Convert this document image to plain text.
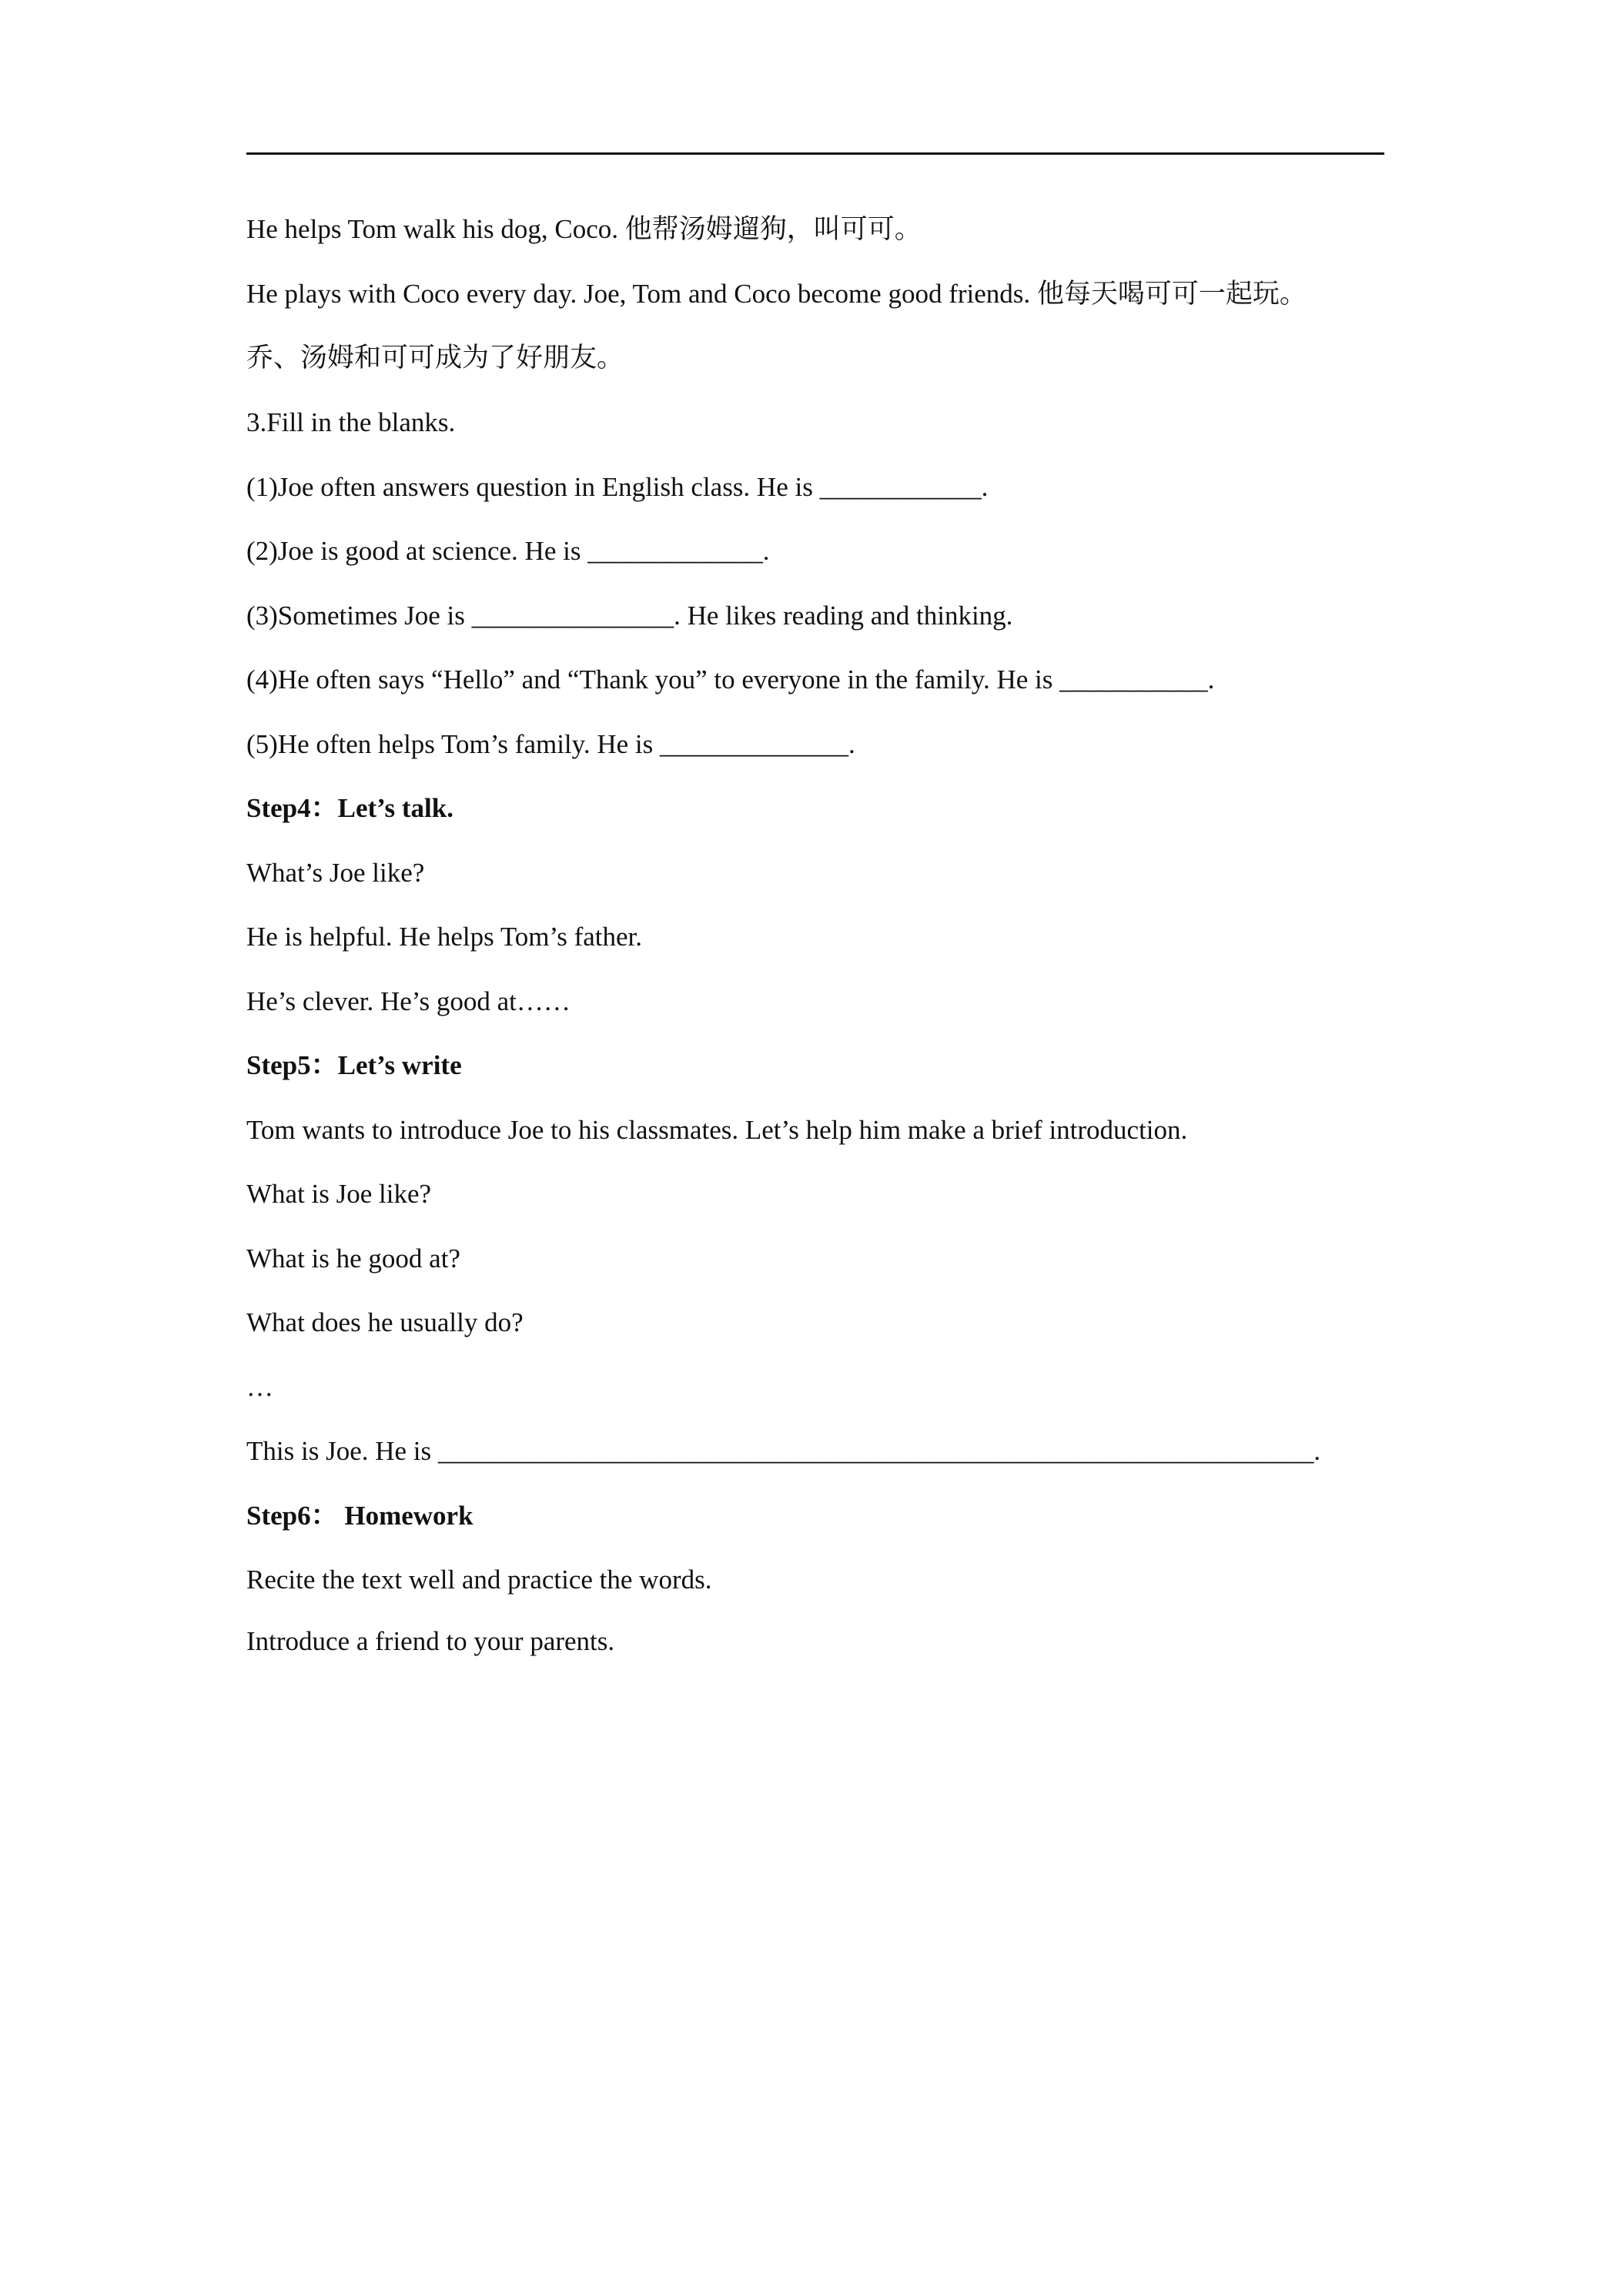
He helps Tom walk his dog, Coco. 他帮汤姆遛狗，叫可可。
He plays with Coco every day. Joe, Tom and Coco become good friends. 他每天喝可可一起玩。
乔、汤姆和可可成为了好朋友。
3.Fill in the blanks.
(1)Joe often answers question in English class. He is ____________.
(2)Joe is good at science. He is _____________.
(3)Sometimes Joe is _______________. He likes reading and thinking.
(4)He often says “Hello” and “Thank you” to everyone in the family. He is ___________.
(5)He often helps Tom’s family. He is ______________.
Step4：Let’s talk.
What’s Joe like?
He is helpful. He helps Tom’s father.
He’s clever. He’s good at……
Step5：Let’s write
Tom wants to introduce Joe to his classmates. Let’s help him make a brief introduction.
What is Joe like?
What is he good at?
What does he usually do?
…
This is Joe. He is _________________________________________________________________.
Step6： Homework
Recite the text well and practice the words.
Introduce a friend to your parents.
